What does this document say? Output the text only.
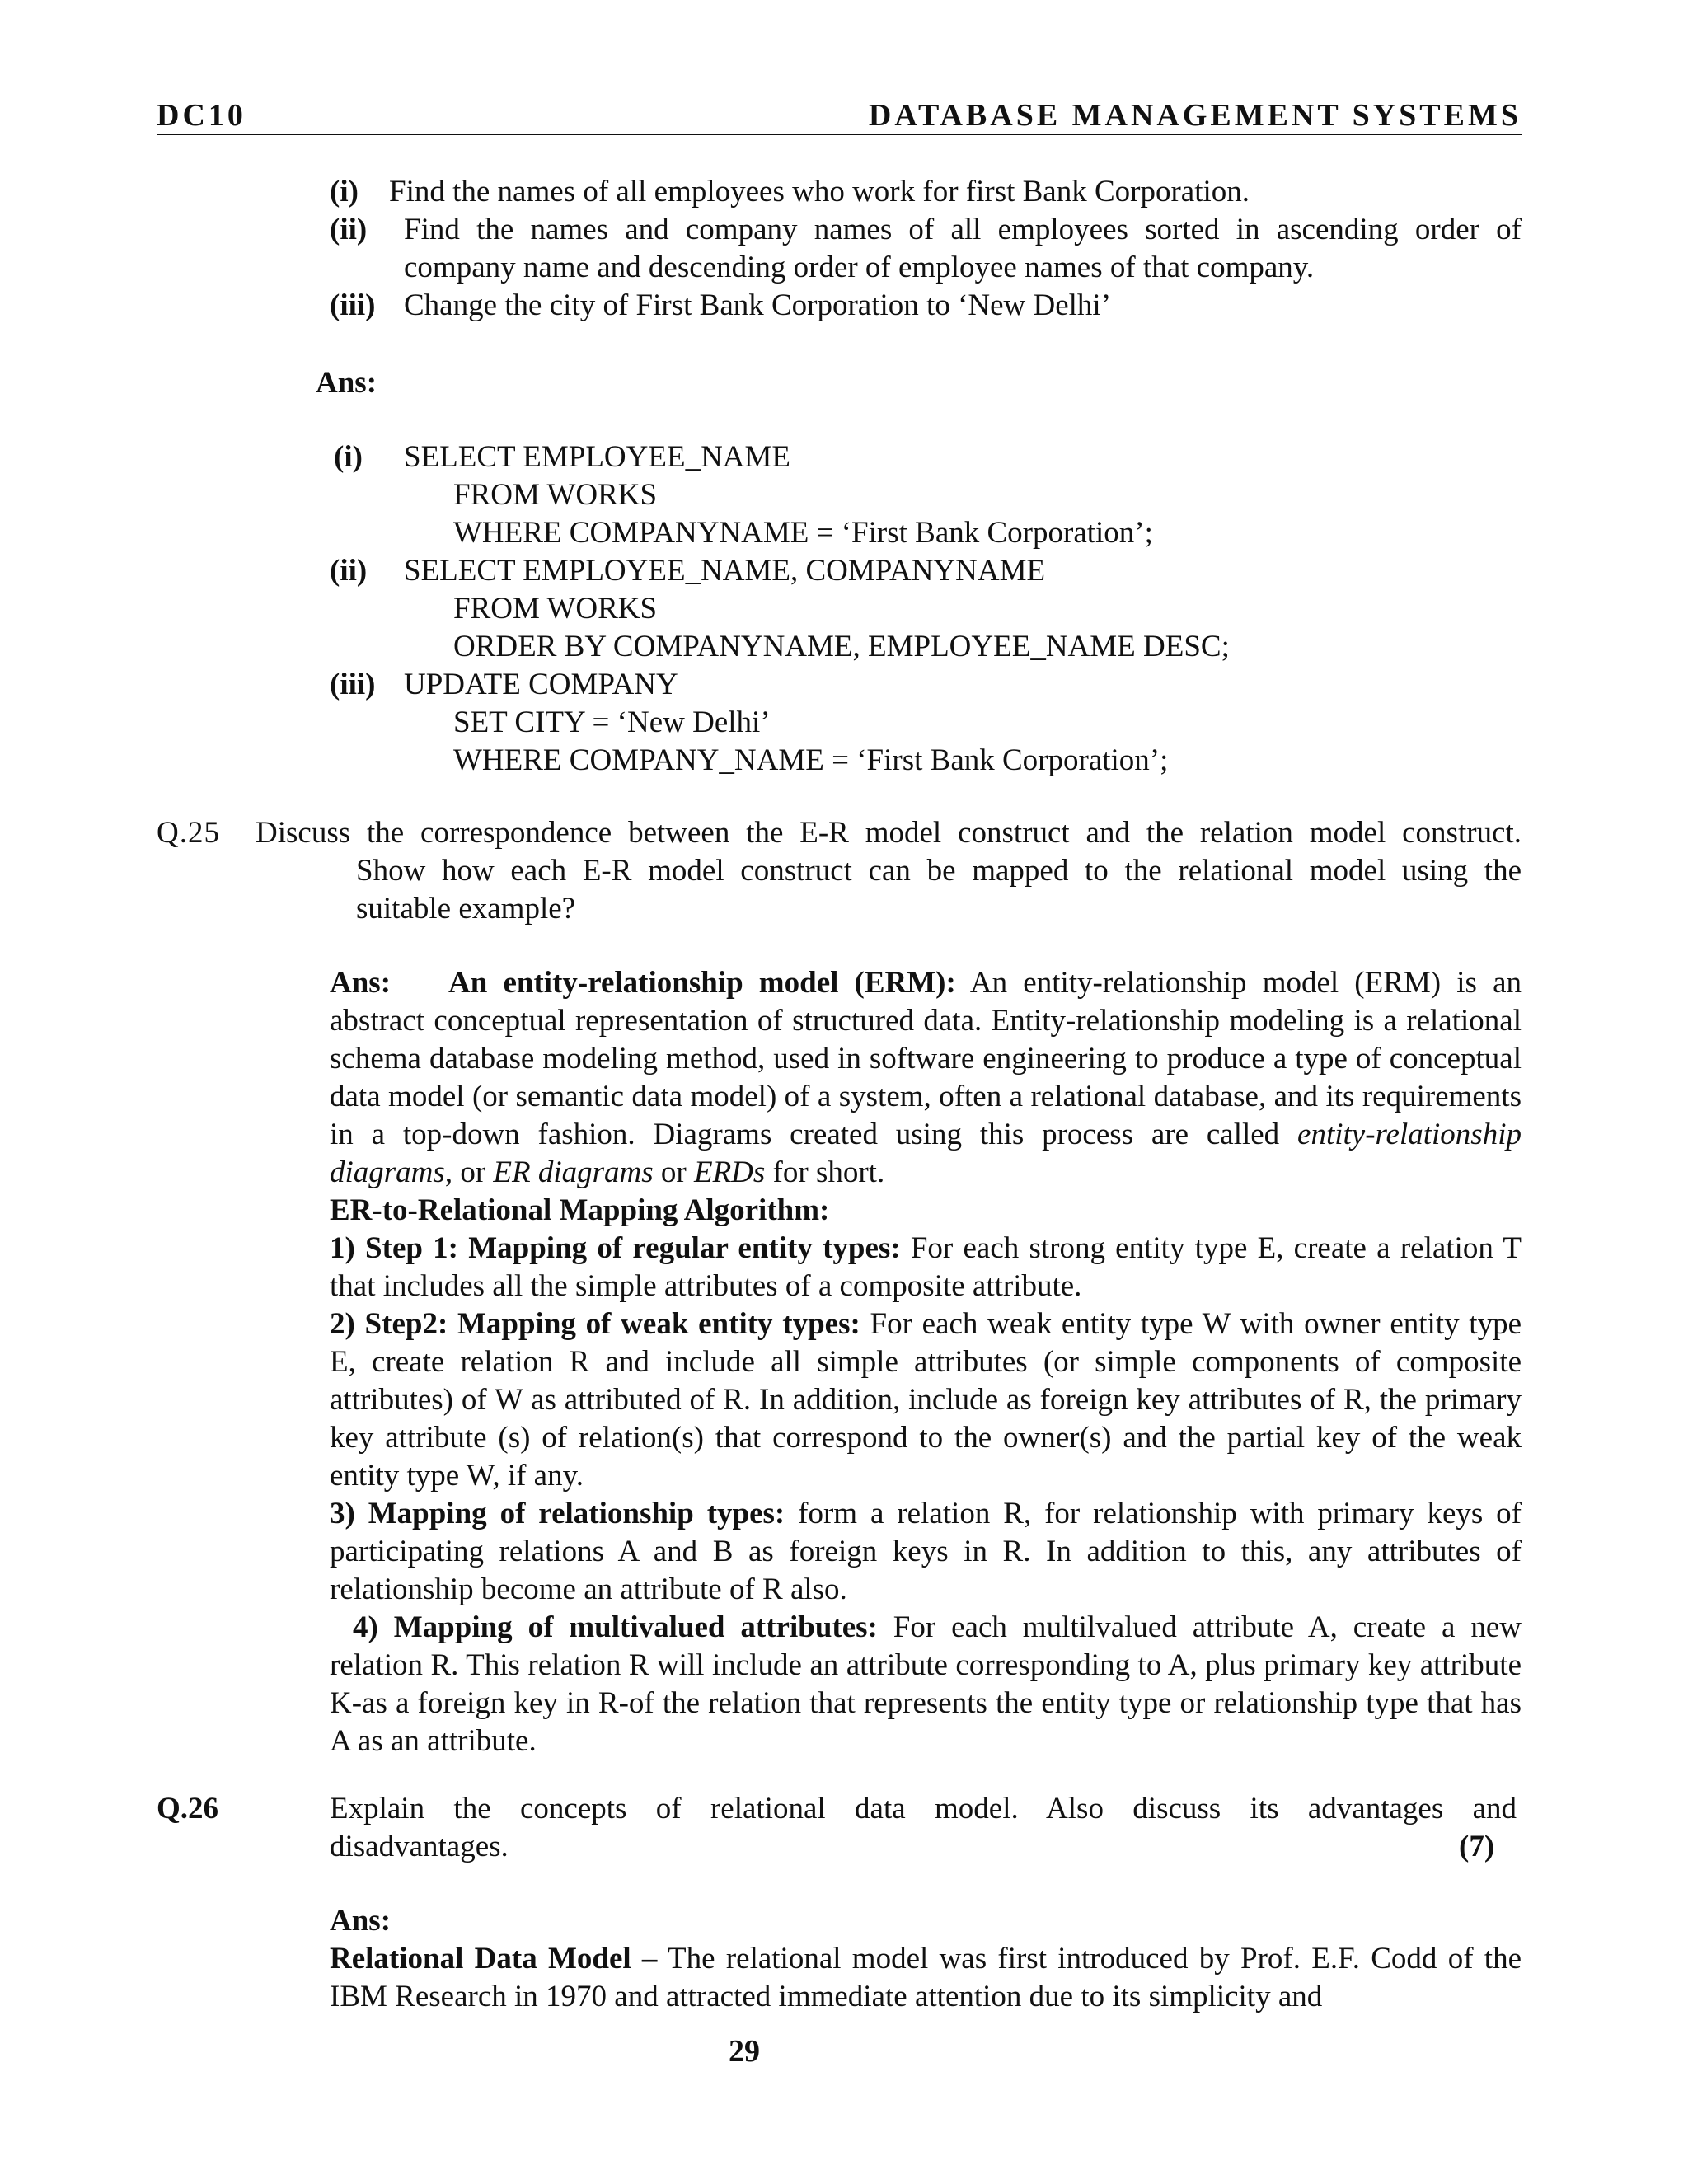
DC10	DATABASE MANAGEMENT SYSTEMS
(i) Find the names of all employees who work for first Bank Corporation.
(ii) Find the names and company names of all employees sorted in ascending order of
company name and descending order of employee names of that company.
(iii) Change the city of First Bank Corporation to ‘New Delhi’
Ans:
(i) SELECT EMPLOYEE_NAME
FROM WORKS
WHERE COMPANYNAME = ‘First Bank Corporation’;
(ii) SELECT EMPLOYEE_NAME, COMPANYNAME
FROM WORKS
ORDER BY COMPANYNAME, EMPLOYEE_NAME DESC;
(iii) UPDATE COMPANY
SET CITY = ‘New Delhi’
WHERE COMPANY_NAME = ‘First Bank Corporation’;
Q.25 Discuss the correspondence between the E-R model construct and the relation model construct.
Show how each E-R model construct can be mapped to the relational model using the
suitable example?

Ans: An entity-relationship model (ERM): An entity-relationship model (ERM) is an abstract conceptual representation of structured data. Entity-relationship modeling is a relational schema database modeling method, used in software engineering to produce a type of conceptual data model (or semantic data model) of a system, often a relational database, and its requirements in a top-down fashion. Diagrams created using this process are called entity-relationship diagrams, or ER diagrams or ERDs for short.

ER-to-Relational Mapping Algorithm:

1) Step 1: Mapping of regular entity types: For each strong entity type E, create a relation T that includes all the simple attributes of a composite attribute.

2) Step2: Mapping of weak entity types: For each weak entity type W with owner entity type E, create relation R and include all simple attributes (or simple components of composite attributes) of W as attributed of R. In addition, include as foreign key attributes of R, the primary key attribute (s) of relation(s) that correspond to the owner(s) and the partial key of the weak entity type W, if any.

3) Mapping of relationship types: form a relation R, for relationship with primary keys of participating relations A and B as foreign keys in R. In addition to this, any attributes of relationship become an attribute of R also.

4) Mapping of multivalued attributes: For each multilvalued attribute A, create a new relation R. This relation R will include an attribute corresponding to A, plus primary key attribute K-as a foreign key in R-of the relation that represents the entity type or relationship type that has A as an attribute.

Q.26	Explain the concepts of relational data model. Also discuss its advantages and
disadvantages.	(7)
Ans:

Relational Data Model – The relational model was first introduced by Prof. E.F. Codd of the IBM Research in 1970 and attracted immediate attention due to its simplicity and

29
